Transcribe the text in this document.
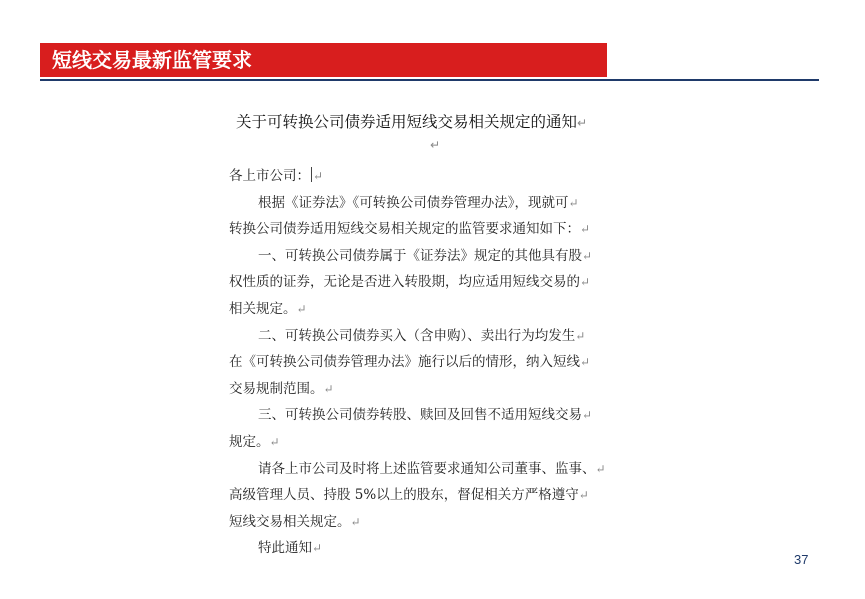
短线交易最新监管要求
关于可转换公司债券适用短线交易相关规定的通知↵
↵

各上市公司： ↵

根据《证券法》《可转换公司债券管理办法》，现就可↵

转换公司债券适用短线交易相关规定的监管要求通知如下：↵

一、可转换公司债券属于《证券法》规定的其他具有股↵

权性质的证券，无论是否进入转股期，均应适用短线交易的↵

相关规定。↵

二、可转换公司债券买入（含申购）、卖出行为均发生↵

在《可转换公司债券管理办法》施行以后的情形，纳入短线↵

交易规制范围。↵

三、可转换公司债券转股、赎回及回售不适用短线交易↵

规定。↵

请各上市公司及时将上述监管要求通知公司董事、监事、↵

高级管理人员、持股 5%以上的股东，督促相关方严格遵守↵

短线交易相关规定。↵

特此通知↵

37
